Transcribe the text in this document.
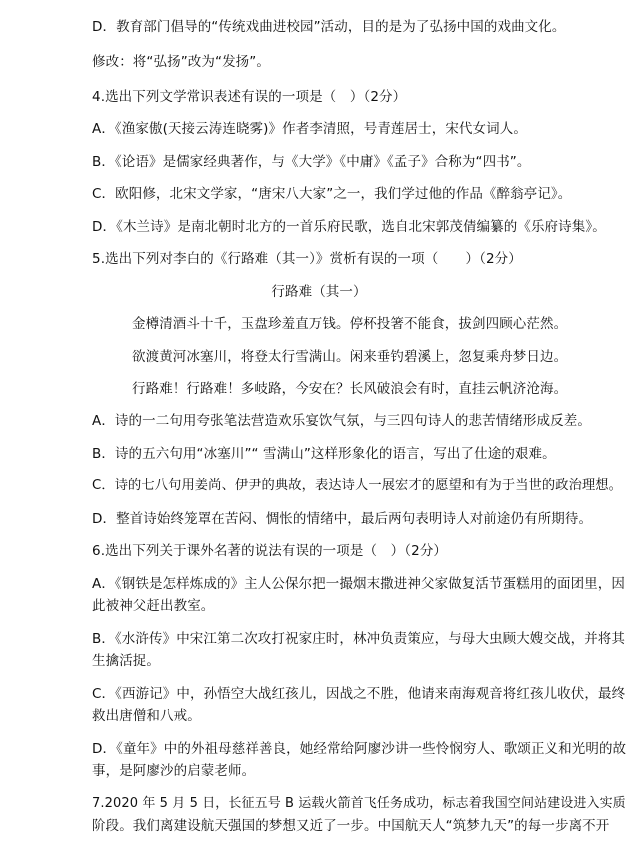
D．教育部门倡导的“传统戏曲进校园”活动，目的是为了弘扬中国的戏曲文化。
修改：将“弘扬”改为“发扬”。
4.选出下列文学常识表述有误的一项是（　）（2分）
A．《渔家傲(天接云涛连晓雾)》作者李清照，号青莲居士，宋代女词人。
B．《论语》是儒家经典著作，与《大学》《中庸》《孟子》合称为“四书”。
C．欧阳修，北宋文学家，“唐宋八大家”之一，我们学过他的作品《醉翁亭记》。
D．《木兰诗》是南北朝时北方的一首乐府民歌，选自北宋郭茂倩编纂的《乐府诗集》。
5.选出下列对李白的《行路难（其一）》赏析有误的一项（　　）（2分）
行路难（其一）
金樽清酒斗十千，玉盘珍羞直万钱。停杯投箸不能食，拔剑四顾心茫然。
欲渡黄河冰塞川，将登太行雪满山。闲来垂钓碧溪上，忽复乘舟梦日边。
行路难！行路难！多岐路，今安在？长风破浪会有时，直挂云帆济沧海。
A．诗的一二句用夸张笔法营造欢乐宴饮气氛，与三四句诗人的悲苦情绪形成反差。
B．诗的五六句用“冰塞川”“ 雪满山”这样形象化的语言，写出了仕途的艰难。
C．诗的七八句用姜尚、伊尹的典故，表达诗人一展宏才的愿望和有为于当世的政治理想。
D．整首诗始终笼罩在苦闷、惆怅的情绪中，最后两句表明诗人对前途仍有所期待。
6.选出下列关于课外名著的说法有误的一项是（　）（2分）
A．《钢铁是怎样炼成的》主人公保尔把一撮烟末撒进神父家做复活节蛋糕用的面团里，因
此被神父赶出教室。
B．《水浒传》中宋江第二次攻打祝家庄时，林冲负责策应，与母大虫顾大嫂交战，并将其
生擒活捉。
C．《西游记》中，孙悟空大战红孩儿，因战之不胜，他请来南海观音将红孩儿收伏，最终
救出唐僧和八戒。
D．《童年》中的外祖母慈祥善良，她经常给阿廖沙讲一些怜悯穷人、歌颂正义和光明的故
事，是阿廖沙的启蒙老师。
7.2020 年 5 月 5 日，长征五号 B 运载火箭首飞任务成功，标志着我国空间站建设进入实质
阶段。我们离建设航天强国的梦想又近了一步。中国航天人“筑梦九天”的每一步离不开
